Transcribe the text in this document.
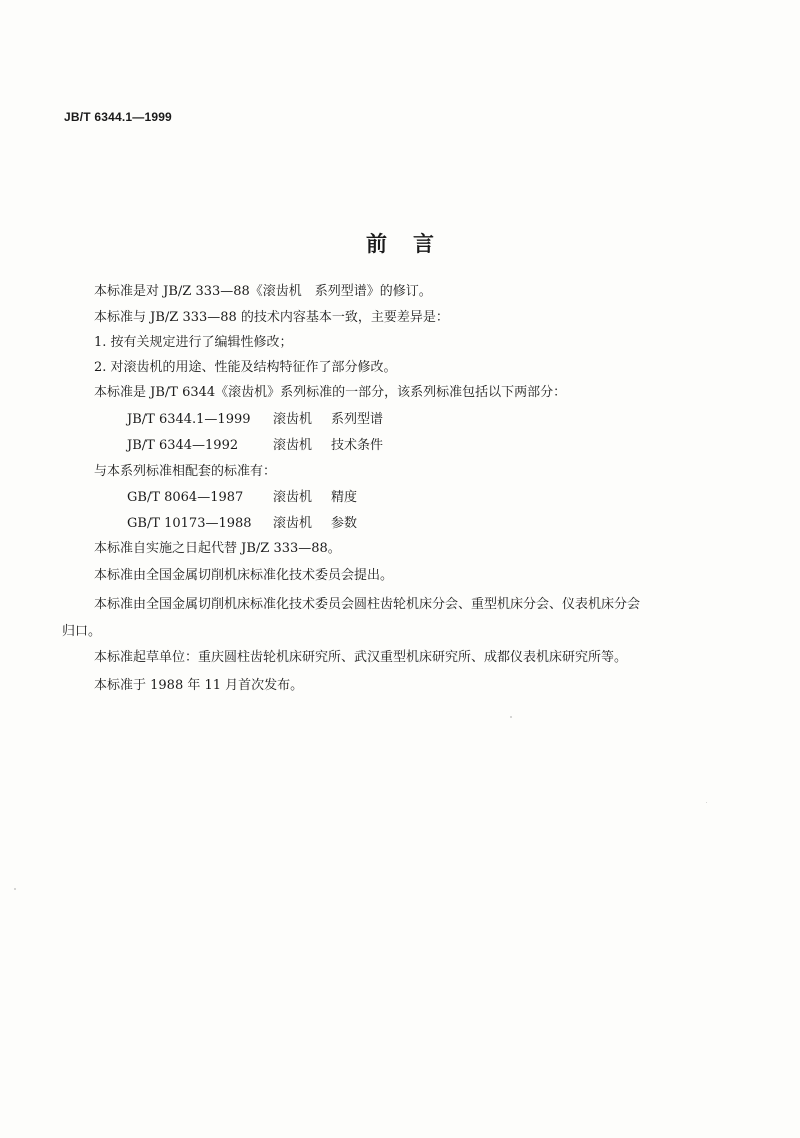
JB/T 6344.1—1999
前言
本标准是对 JB/Z 333—88《滚齿机　系列型谱》的修订。
本标准与 JB/Z 333—88 的技术内容基本一致，主要差异是：
1. 按有关规定进行了编辑性修改；
2. 对滚齿机的用途、性能及结构特征作了部分修改。
本标准是 JB/T 6344《滚齿机》系列标准的一部分，该系列标准包括以下两部分：
JB/T 6344.1—1999 滚齿机 系列型谱
JB/T 6344—1992	滚齿机 技术条件
与本系列标准相配套的标准有：
GB/T 8064—1987 滚齿机 精度
GB/T 10173—1988 滚齿机 参数
本标准自实施之日起代替 JB/Z 333—88。
本标准由全国金属切削机床标准化技术委员会提出。
本标准由全国金属切削机床标准化技术委员会圆柱齿轮机床分会、重型机床分会、仪表机床分会
归口。
本标准起草单位：重庆圆柱齿轮机床研究所、武汉重型机床研究所、成都仪表机床研究所等。
本标准于 1988 年 11 月首次发布。
